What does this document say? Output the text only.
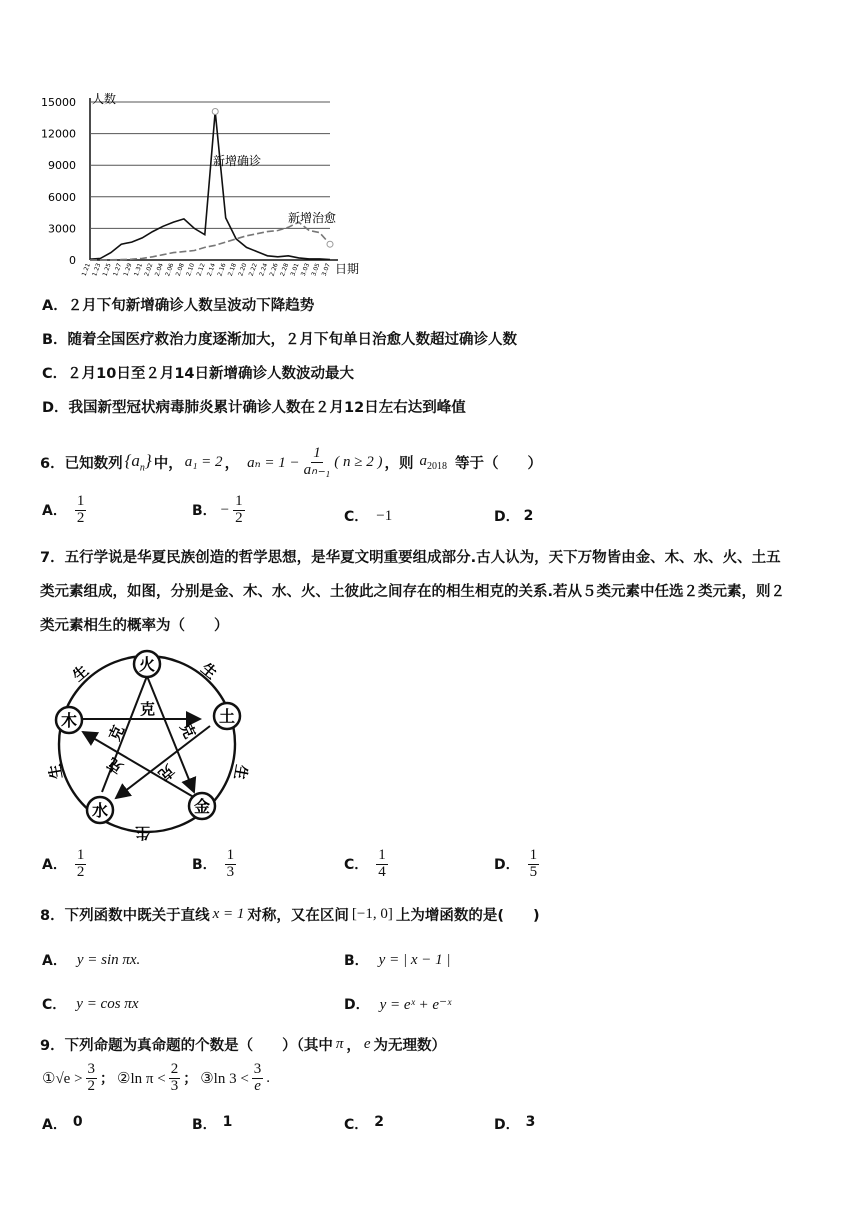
15000
12000
9000
6000
3000
0
1.21 1.23 1.25 1.27 1.29 1.31 2.02 2.04 2.06 2.08 2.10 2.12 2.14 2.16 2.18 2.20 2.22 2.24 2.26 2.28 3.01 3.03 3.05 3.07
人数
日期
新增确诊
新增治愈
A．２月下旬新增确诊人数呈波动下降趋势
B．随着全国医疗救治力度逐渐加大，２月下旬单日治愈人数超过确诊人数
C．２月10日至２月14日新增确诊人数波动最大
D．我国新型冠状病毒肺炎累计确诊人数在２月12日左右达到峰值
6．已知数列 $\{a_n\}$ 中， a₁ = 2 ， $a_n = 1 - \frac{1}{\text{aₙ₋₁}}$ ( n ≥ 2 ) ，则 $a_{2018}$ 等于（　　）
A． $\frac{1}{2}$	B． − $\frac{1}{2}$	C． −1	D． 2
7．五行学说是华夏民族创造的哲学思想，是华夏文明重要组成部分.古人认为，天下万物皆由金、木、水、火、土五
类元素组成，如图，分别是金、木、水、火、土彼此之间存在的相生相克的关系.若从５类元素中任选２类元素，则２
类元素相生的概率为（　　）
火
土
金
水
木
生	生
生
生
生
克
克	克
克 克
A． $\frac{1}{2}$	B． $\frac{1}{3}$	C． $\frac{1}{4}$	D． $\frac{1}{5}$
8．下列函数中既关于直线 x = 1 对称，又在区间 [−1, 0] 上为增函数的是(　　)
A． y = sin πx.	B． y = | x − 1 |
C． y = cos πx	D． y = eˣ + e⁻ˣ
9．下列命题为真命题的个数是（　　）（其中 π ， e 为无理数）
①√e > $\frac{3}{2}$ ； ②ln $\pi < \frac{2}{3}$ ； ③ln $3 < \frac{3}{e}$ .
A． 0	B． 1	C． 2	D． 3
